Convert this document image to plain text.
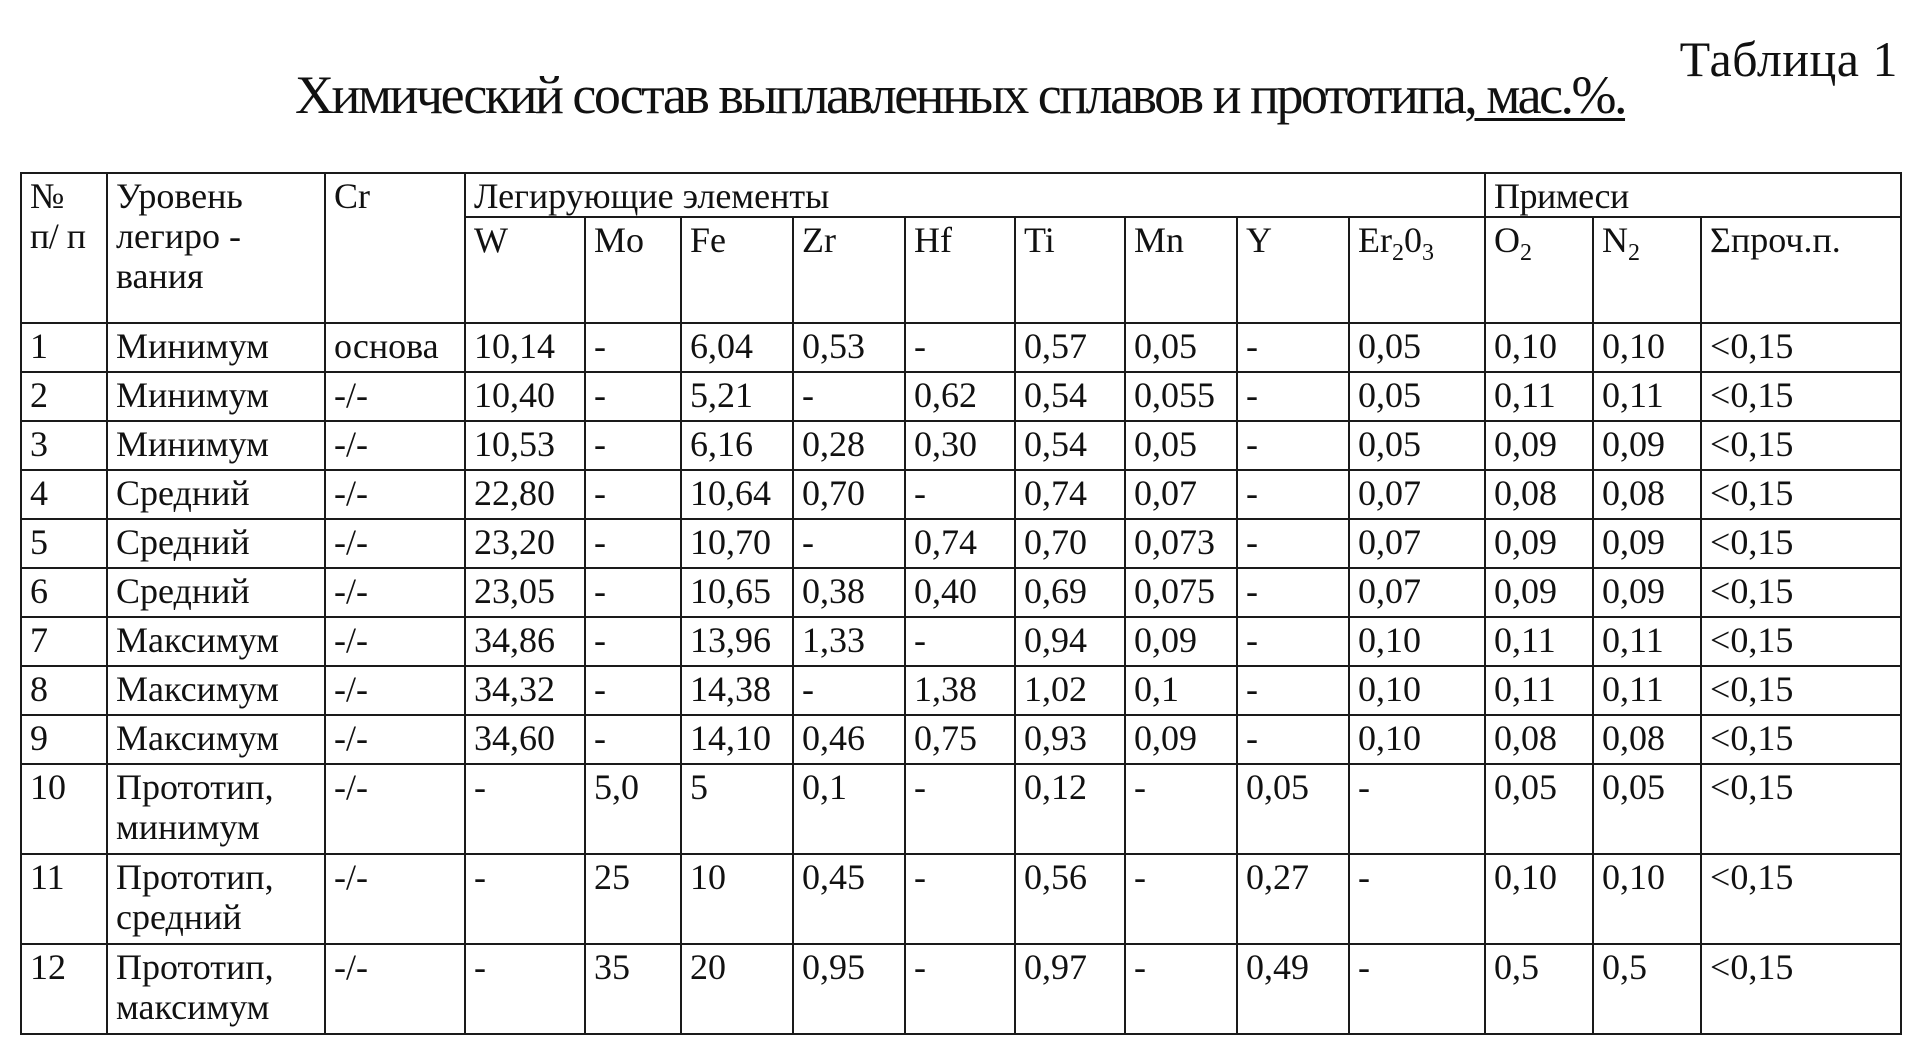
Таблица 1
Химический состав выплавленных сплавов и прототипа, мас.%.
№ п/ п	Уровень легиро - вания	Cr	Легирующие элементы									Примеси		
			W	Mo	Fe	Zr	Hf	Ti	Mn	Y	$Er_20_3$	$O_2$	$N_2$	Σпроч.п.
1	Минимум	основа	10,14	-	6,04	0,53	-	0,57	0,05	-	0,05	0,10	0,10	<0,15
2	Минимум	-/-	10,40	-	5,21	-	0,62	0,54	0,055	-	0,05	0,11	0,11	<0,15
3	Минимум	-/-	10,53	-	6,16	0,28	0,30	0,54	0,05	-	0,05	0,09	0,09	<0,15
4	Средний	-/-	22,80	-	10,64	0,70	-	0,74	0,07	-	0,07	0,08	0,08	<0,15
5	Средний	-/-	23,20	-	10,70	-	0,74	0,70	0,073	-	0,07	0,09	0,09	<0,15
6	Средний	-/-	23,05	-	10,65	0,38	0,40	0,69	0,075	-	0,07	0,09	0,09	<0,15
7	Максимум	-/-	34,86	-	13,96	1,33	-	0,94	0,09	-	0,10	0,11	0,11	<0,15
8	Максимум	-/-	34,32	-	14,38	-	1,38	1,02	0,1	-	0,10	0,11	0,11	<0,15
9	Максимум	-/-	34,60	-	14,10	0,46	0,75	0,93	0,09	-	0,10	0,08	0,08	<0,15
10	Прототип, минимум	-/-	-	5,0	5	0,1	-	0,12	-	0,05	-	0,05	0,05	<0,15
11	Прототип, средний	-/-	-	25	10	0,45	-	0,56	-	0,27	-	0,10	0,10	<0,15
12	Прототип, максимум	-/-	-	35	20	0,95	-	0,97	-	0,49	-	0,5	0,5	<0,15
